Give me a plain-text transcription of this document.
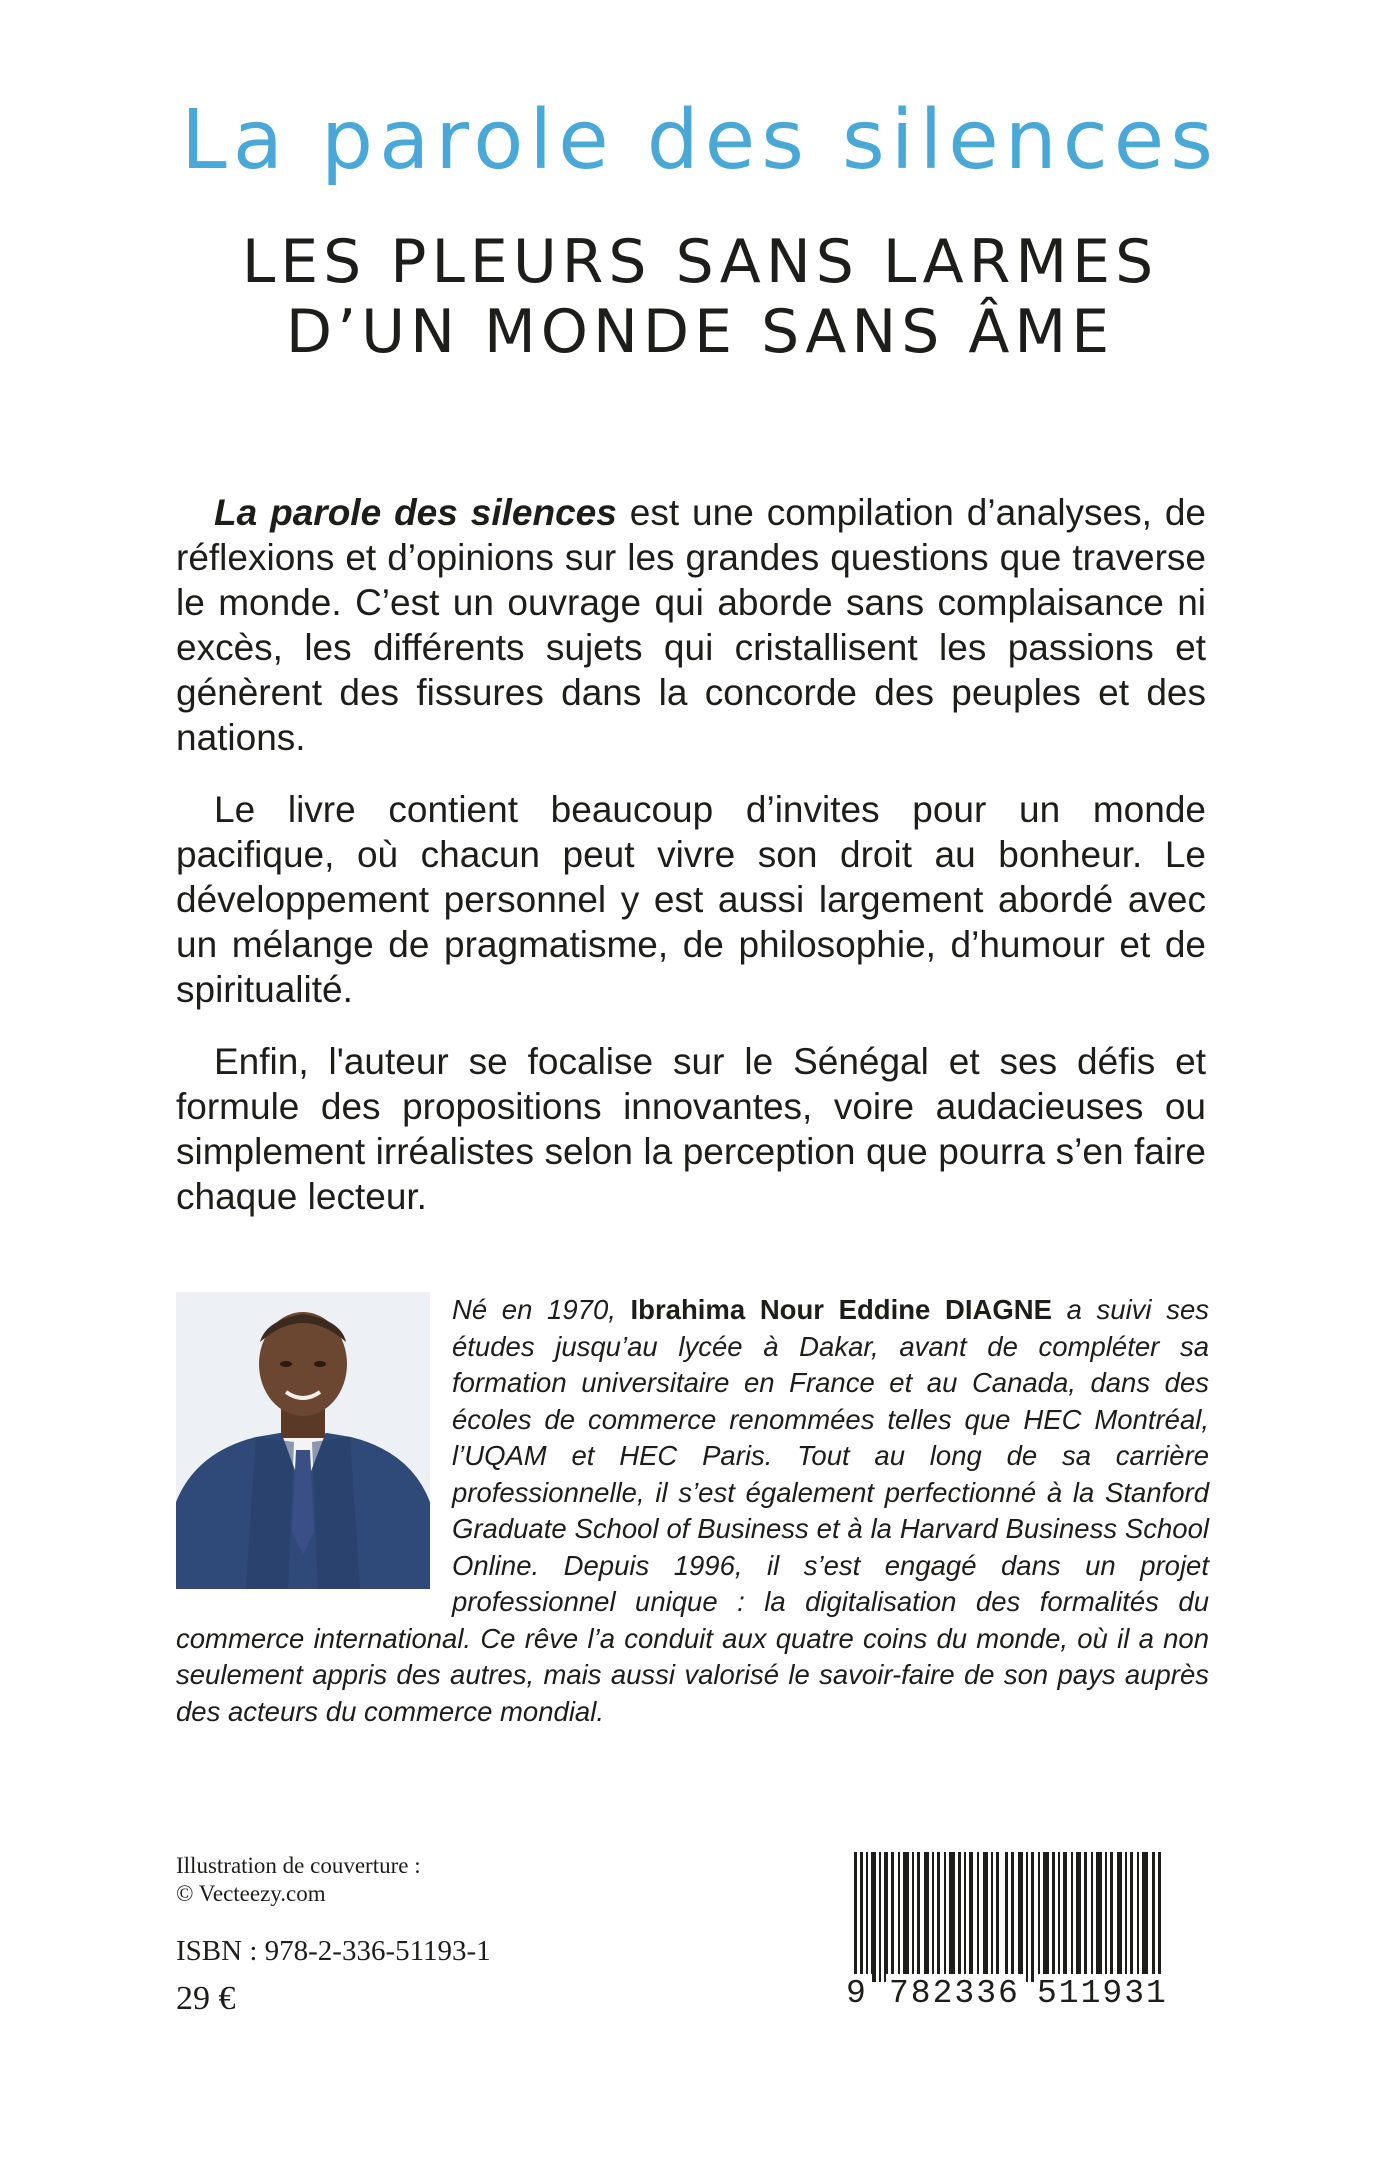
La parole des silences
LES PLEURS SANS LARMES
D’UN MONDE SANS ÂME

La parole des silences est une compilation d’analyses, de réflexions et d’opinions sur les grandes questions que traverse le monde. C’est un ouvrage qui aborde sans complaisance ni excès, les différents sujets qui cristallisent les passions et génèrent des fissures dans la concorde des peuples et des nations.

Le livre contient beaucoup d’invites pour un monde pacifique, où chacun peut vivre son droit au bonheur. Le développement personnel y est aussi largement abordé avec un mélange de pragmatisme, de philosophie, d’humour et de spiritualité.

Enfin, l'auteur se focalise sur le Sénégal et ses défis et formule des propositions innovantes, voire audacieuses ou simplement irréalistes selon la perception que pourra s’en faire chaque lecteur.

Né en 1970, Ibrahima Nour Eddine DIAGNE a suivi ses études jusqu’au lycée à Dakar, avant de compléter sa formation universitaire en France et au Canada, dans des écoles de commerce renommées telles que HEC Montréal, l’UQAM et HEC Paris. Tout au long de sa carrière professionnelle, il s’est également perfectionné à la Stanford Graduate School of Business et à la Harvard Business School Online. Depuis 1996, il s’est engagé dans un projet professionnel unique : la digitalisation des formalités du commerce international. Ce rêve l’a conduit aux quatre coins du monde, où il a non seulement appris des autres, mais aussi valorisé le savoir-faire de son pays auprès des acteurs du commerce mondial.
Illustration de couverture :
© Vecteezy.com
ISBN : 978-2-336-51193-1
29 €	9 782336 511931
